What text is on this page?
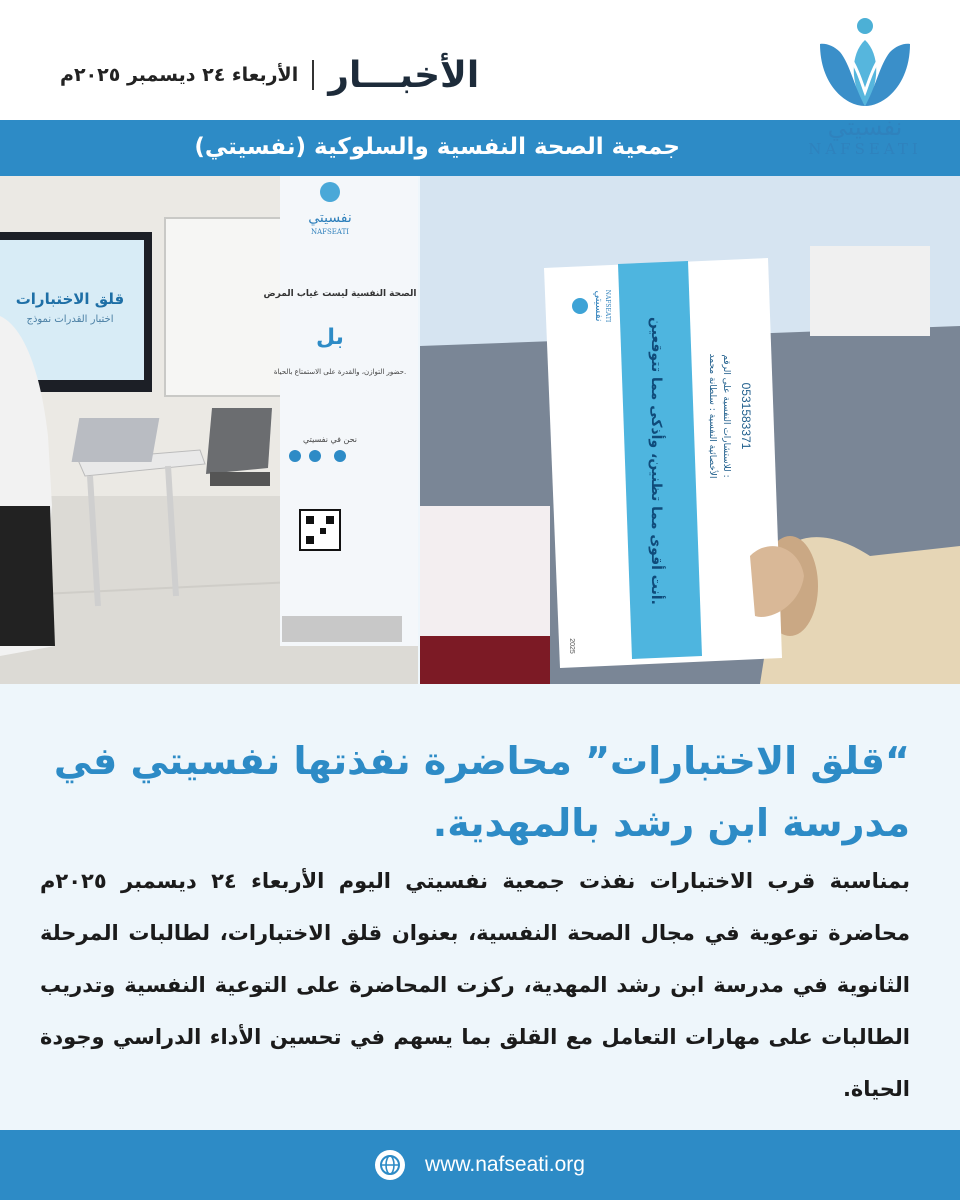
الأخبـــار
الأربعاء ٢٤ ديسمبر ٢٠٢٥م
نفسيتي
NAFSEATI
جمعية الصحة النفسية والسلوكية (نفسيتي)
قلق الاختبارات
اختبار القدرات نموذج
نفسيتي
NAFSEATI
الصحة النفسية ليست غياب المرض
بل
حضور التوازن، والقدرة على الاستمتاع بالحياة.
نحن في نفسيتي	أنت أقوى مما تظنين، وأذكى مما تتوقعين.
الأخصائية النفسية : سلطانة محمد للاستشارات النفسية على الرقم :
0531583371
نفسيتي NAFSEATI
2025
“قلق الاختبارات” محاضرة نفذتها نفسيتي في مدرسة ابن رشد بالمهدية.
بمناسبة قرب الاختبارات نفذت جمعية نفسيتي اليوم الأربعاء ٢٤ ديسمبر ٢٠٢٥م محاضرة توعوية في مجال الصحة النفسية، بعنوان قلق الاختبارات، لطالبات المرحلة الثانوية في مدرسة ابن رشد المهدية، ركزت المحاضرة على التوعية النفسية وتدريب الطالبات على مهارات التعامل مع القلق بما يسهم في تحسين الأداء الدراسي وجودة الحياة.
www.nafseati.org
